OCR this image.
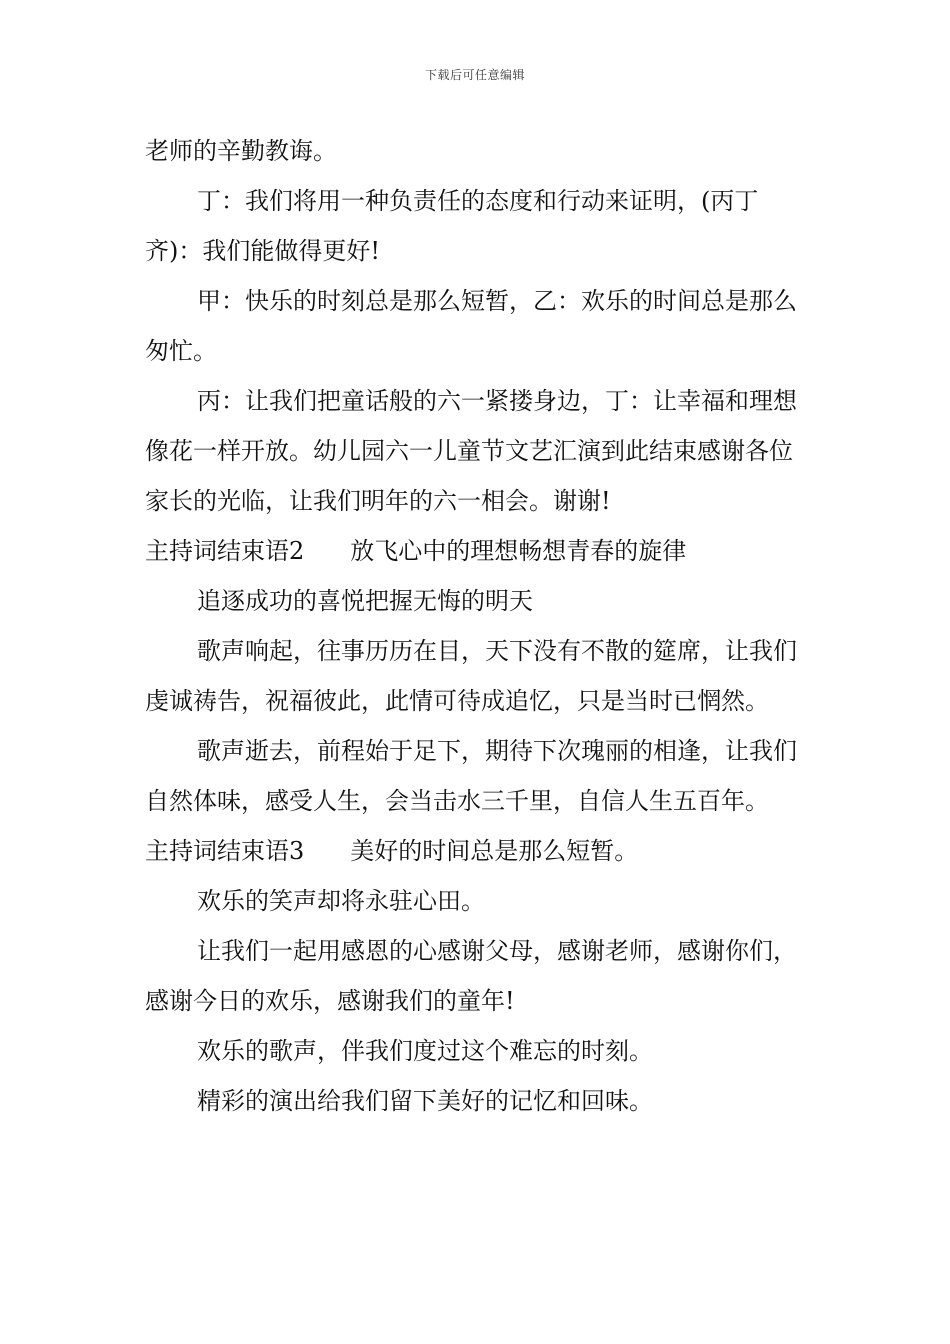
下载后可任意编辑

老师的辛勤教诲。

丁：我们将用一种负责任的态度和行动来证明，(丙丁齐)：我们能做得更好!

甲：快乐的时刻总是那么短暂，乙：欢乐的时间总是那么匆忙。

丙：让我们把童话般的六一紧搂身边，丁：让幸福和理想像花一样开放。幼儿园六一儿童节文艺汇演到此结束感谢各位家长的光临，让我们明年的六一相会。谢谢!

主持词结束语2 放飞心中的理想畅想青春的旋律

追逐成功的喜悦把握无悔的明天

歌声响起，往事历历在目，天下没有不散的筵席，让我们虔诚祷告，祝福彼此，此情可待成追忆，只是当时已惘然。

歌声逝去，前程始于足下，期待下次瑰丽的相逢，让我们自然体味，感受人生，会当击水三千里，自信人生五百年。

主持词结束语3 美好的时间总是那么短暂。

欢乐的笑声却将永驻心田。

让我们一起用感恩的心感谢父母，感谢老师，感谢你们，感谢今日的欢乐，感谢我们的童年!

欢乐的歌声，伴我们度过这个难忘的时刻。

精彩的演出给我们留下美好的记忆和回味。
